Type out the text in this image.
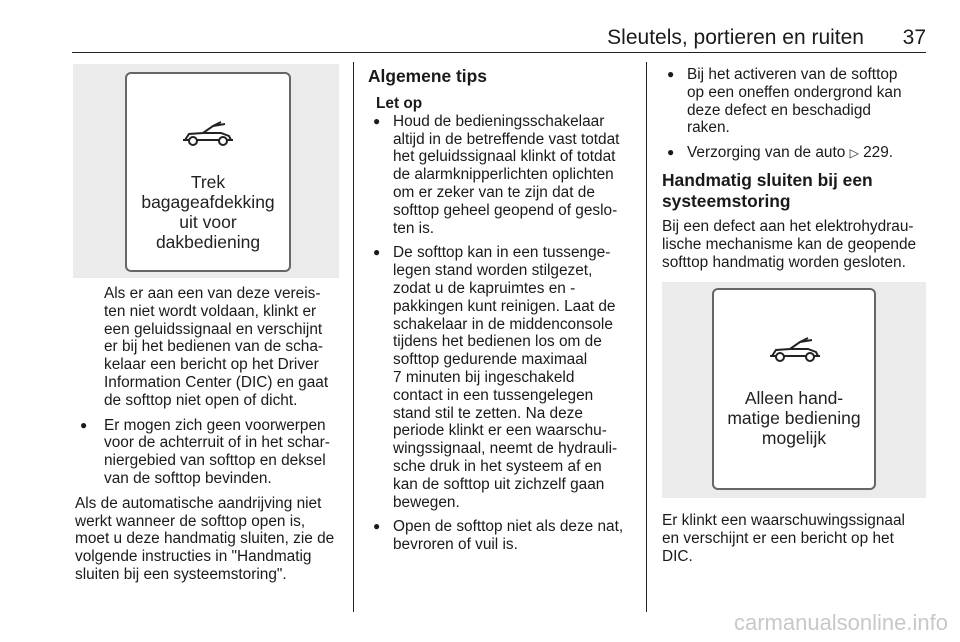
Sleutels, portieren en ruiten 37
Trek
bagageafdekking
uit voor
dakbediening

Als er aan een van deze vereis-
ten niet wordt voldaan, klinkt er
een geluidssignaal en verschijnt
er bij het bedienen van de scha-
kelaar een bericht op het Driver
Information Center (DIC) en gaat
de softtop niet open of dicht.

● Er mogen zich geen voorwerpen
voor de achterruit of in het schar-
niergebied van softtop en deksel
van de softtop bevinden.

Als de automatische aandrijving niet
werkt wanneer de softtop open is,
moet u deze handmatig sluiten, zie de
volgende instructies in "Handmatig
sluiten bij een systeemstoring".

Algemene tips

Let op

● Houd de bedieningsschakelaar
altijd in de betreffende vast totdat
het geluidssignaal klinkt of totdat
de alarmknipperlichten oplichten
om er zeker van te zijn dat de
softtop geheel geopend of geslo-
ten is.

● De softtop kan in een tussenge-
legen stand worden stilgezet,
zodat u de kapruimtes en -
pakkingen kunt reinigen. Laat de
schakelaar in de middenconsole
tijdens het bedienen los om de
softtop gedurende maximaal
7 minuten bij ingeschakeld
contact in een tussengelegen
stand stil te zetten. Na deze
periode klinkt er een waarschu-
wingssignaal, neemt de hydrauli-
sche druk in het systeem af en
kan de softtop uit zichzelf gaan
bewegen.

● Open de softtop niet als deze nat,
bevroren of vuil is.

● Bij het activeren van de softtop
op een oneffen ondergrond kan
deze defect en beschadigd
raken.

● Verzorging van de auto ▷ 229.

Handmatig sluiten bij een
systeemstoring

Bij een defect aan het elektrohydrau-
lische mechanisme kan de geopende
softtop handmatig worden gesloten.

Alleen hand-
matige bediening
mogelijk

Er klinkt een waarschuwingssignaal
en verschijnt er een bericht op het
DIC.

carmanualsonline.info
